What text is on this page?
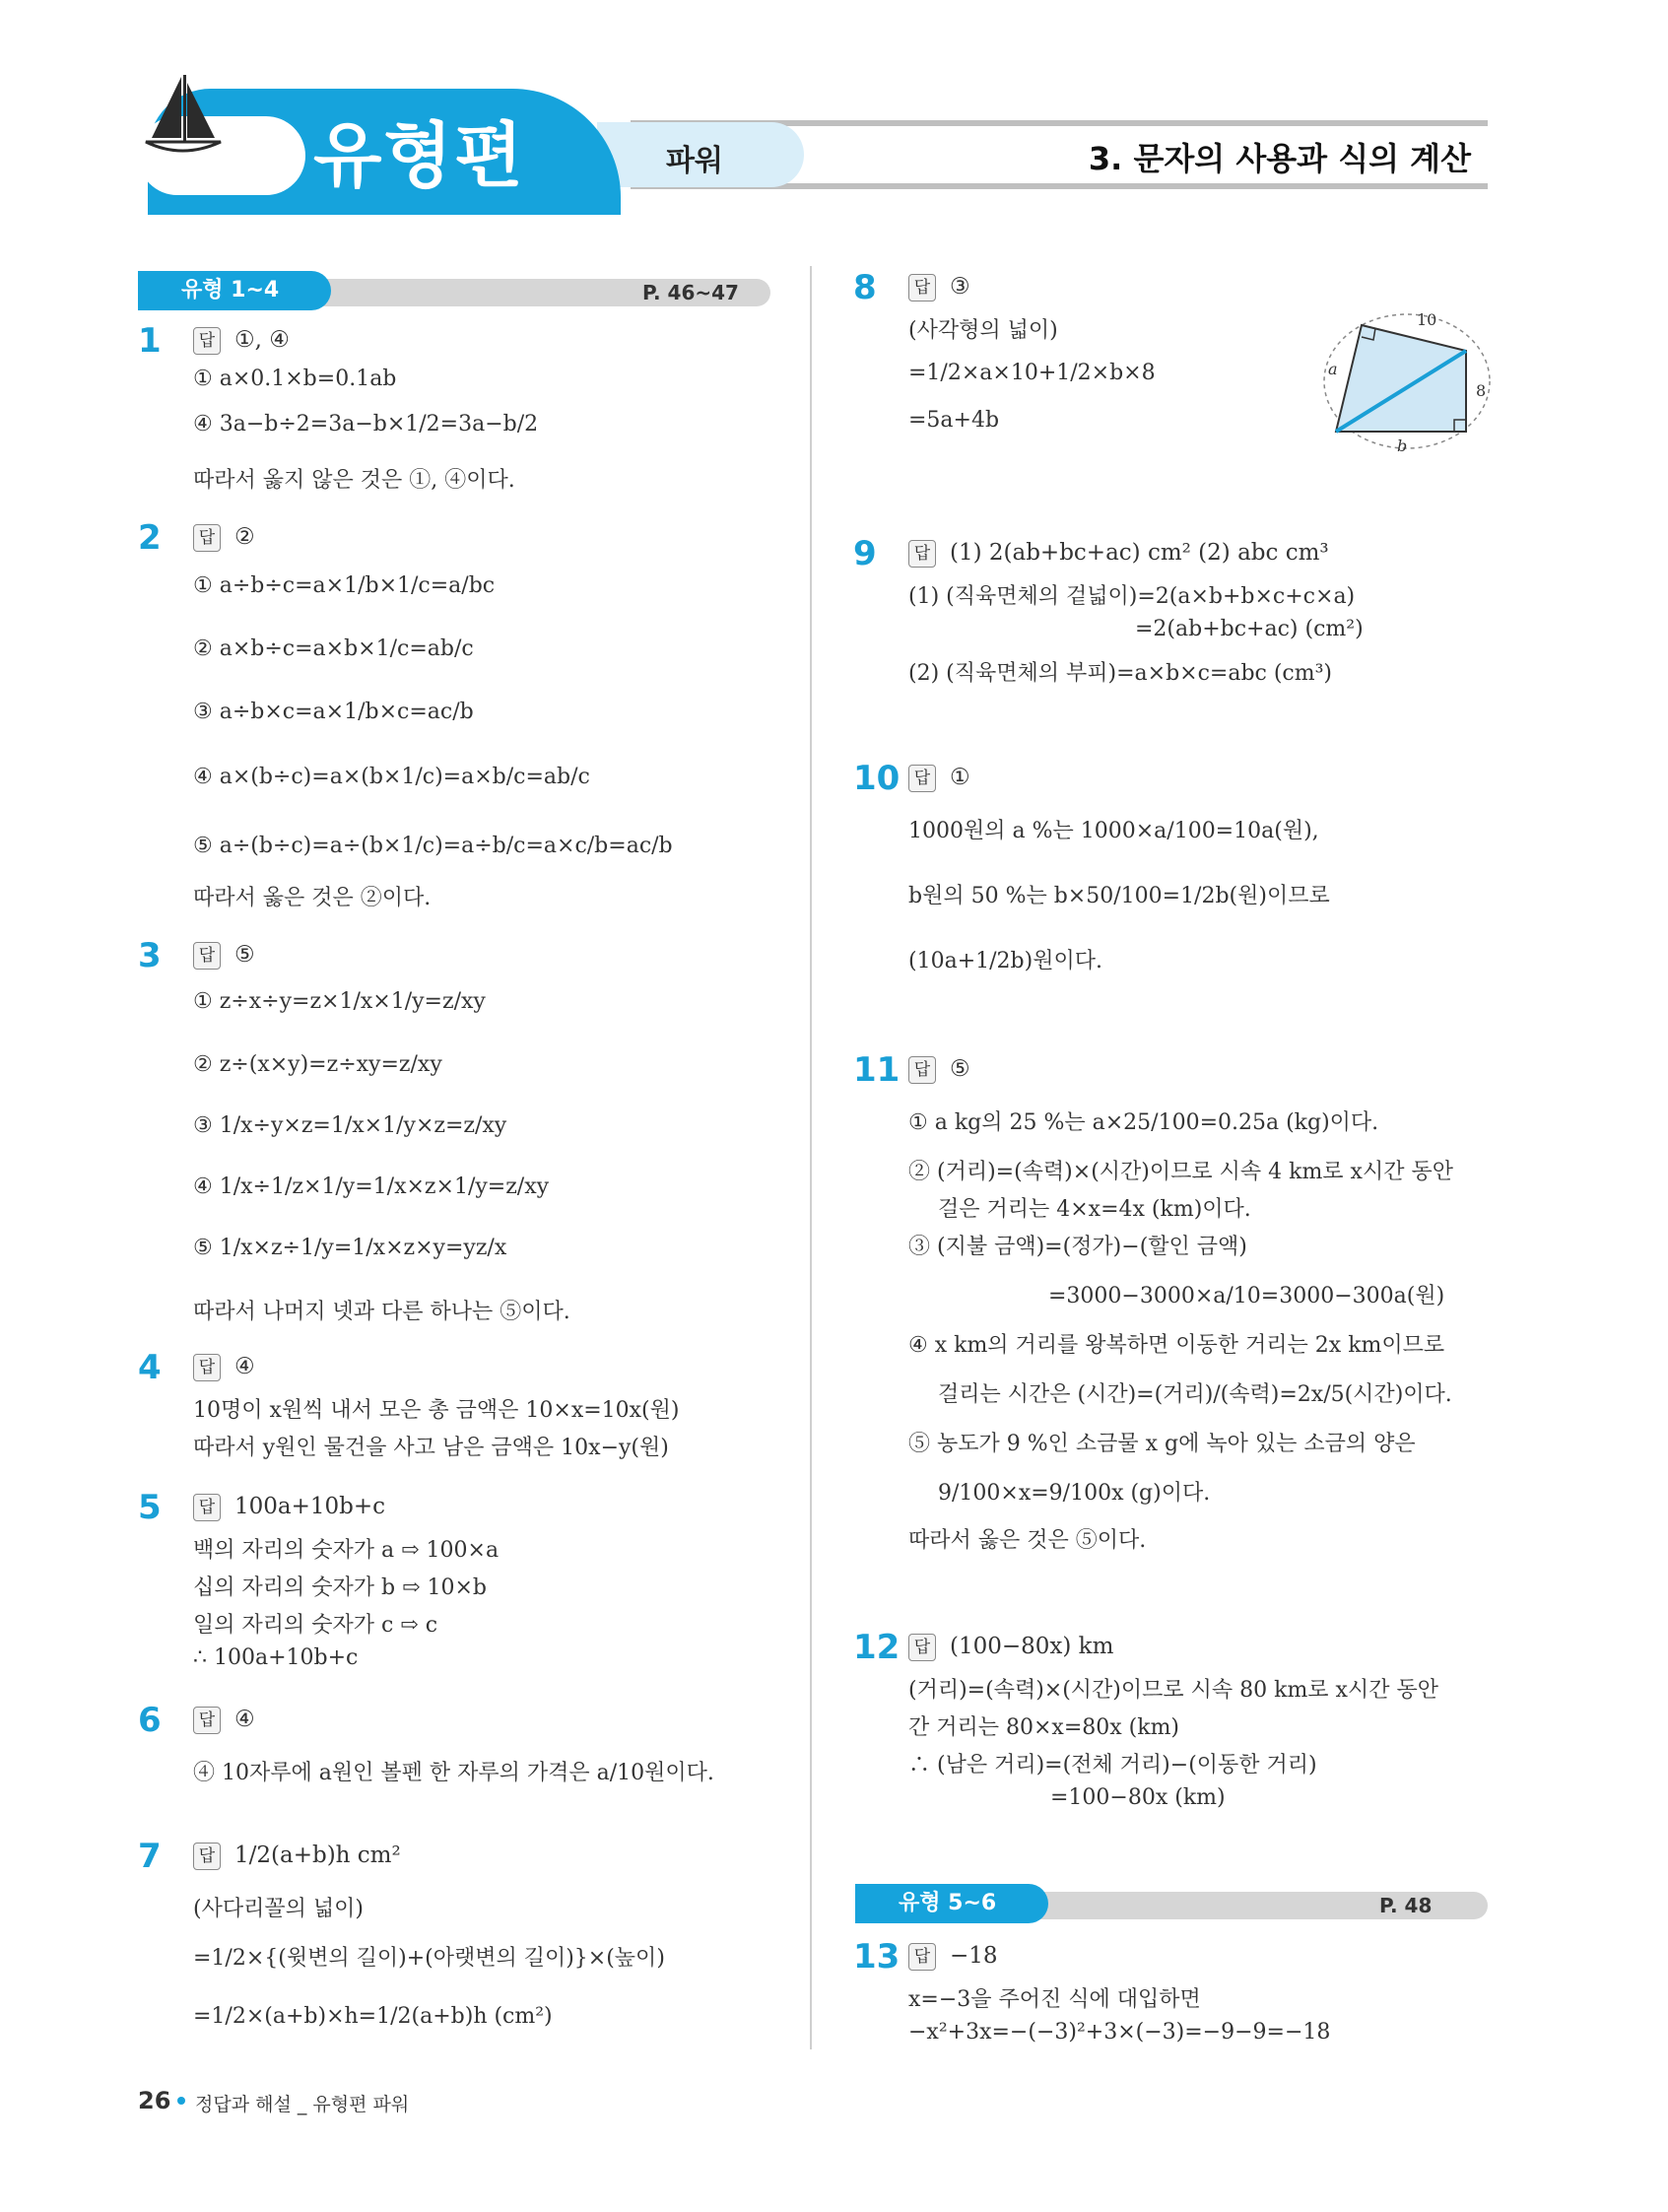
유형편	파워	3. 문자의 사용과 식의 계산
유형 1~4	P. 46~47
유형 5~6	P. 48
1	답 ①, ④
① a×0.1×b=0.1ab
④ 3a−b÷2=3a−b×1/2=3a−b/2
따라서 옳지 않은 것은 ①, ④이다.
2	답 ②
① a÷b÷c=a×1/b×1/c=a/bc
② a×b÷c=a×b×1/c=ab/c
③ a÷b×c=a×1/b×c=ac/b
④ a×(b÷c)=a×(b×1/c)=a×b/c=ab/c
⑤ a÷(b÷c)=a÷(b×1/c)=a÷b/c=a×c/b=ac/b
따라서 옳은 것은 ②이다.
3	답 ⑤
① z÷x÷y=z×1/x×1/y=z/xy
② z÷(x×y)=z÷xy=z/xy
③ 1/x÷y×z=1/x×1/y×z=z/xy
④ 1/x÷1/z×1/y=1/x×z×1/y=z/xy
⑤ 1/x×z÷1/y=1/x×z×y=yz/x
따라서 나머지 넷과 다른 하나는 ⑤이다.
4	답 ④
10명이 x원씩 내서 모은 총 금액은 10×x=10x(원)
따라서 y원인 물건을 사고 남은 금액은 10x−y(원)
5	답 100a+10b+c
백의 자리의 숫자가 a ⇨ 100×a
십의 자리의 숫자가 b ⇨ 10×b
일의 자리의 숫자가 c ⇨ c
∴ 100a+10b+c
6	답 ④
④ 10자루에 a원인 볼펜 한 자루의 가격은 a/10원이다.
7	답 1/2(a+b)h cm²
(사다리꼴의 넓이)
=1/2×{(윗변의 길이)+(아랫변의 길이)}×(높이)
=1/2×(a+b)×h=1/2(a+b)h (cm²)
8	답 ③
(사각형의 넓이)
=1/2×a×10+1/2×b×8
=5a+4b
10
8
a
b
9	답 (1) 2(ab+bc+ac) cm² (2) abc cm³
(1) (직육면체의 겉넓이)=2(a×b+b×c+c×a)
=2(ab+bc+ac) (cm²)
(2) (직육면체의 부피)=a×b×c=abc (cm³)
10 답 ①
1000원의 a %는 1000×a/100=10a(원),
b원의 50 %는 b×50/100=1/2b(원)이므로
(10a+1/2b)원이다.
11 답 ⑤
① a kg의 25 %는 a×25/100=0.25a (kg)이다.
② (거리)=(속력)×(시간)이므로 시속 4 km로 x시간 동안
걸은 거리는 4×x=4x (km)이다.
③ (지불 금액)=(정가)−(할인 금액)
=3000−3000×a/10=3000−300a(원)
④ x km의 거리를 왕복하면 이동한 거리는 2x km이므로
걸리는 시간은 (시간)=(거리)/(속력)=2x/5(시간)이다.
⑤ 농도가 9 %인 소금물 x g에 녹아 있는 소금의 양은
9/100×x=9/100x (g)이다.
따라서 옳은 것은 ⑤이다.
12 답 (100−80x) km
(거리)=(속력)×(시간)이므로 시속 80 km로 x시간 동안
간 거리는 80×x=80x (km)
∴ (남은 거리)=(전체 거리)−(이동한 거리)
=100−80x (km)
13 답 −18
x=−3을 주어진 식에 대입하면
−x²+3x=−(−3)²+3×(−3)=−9−9=−18
26 정답과 해설 _ 유형편 파워
